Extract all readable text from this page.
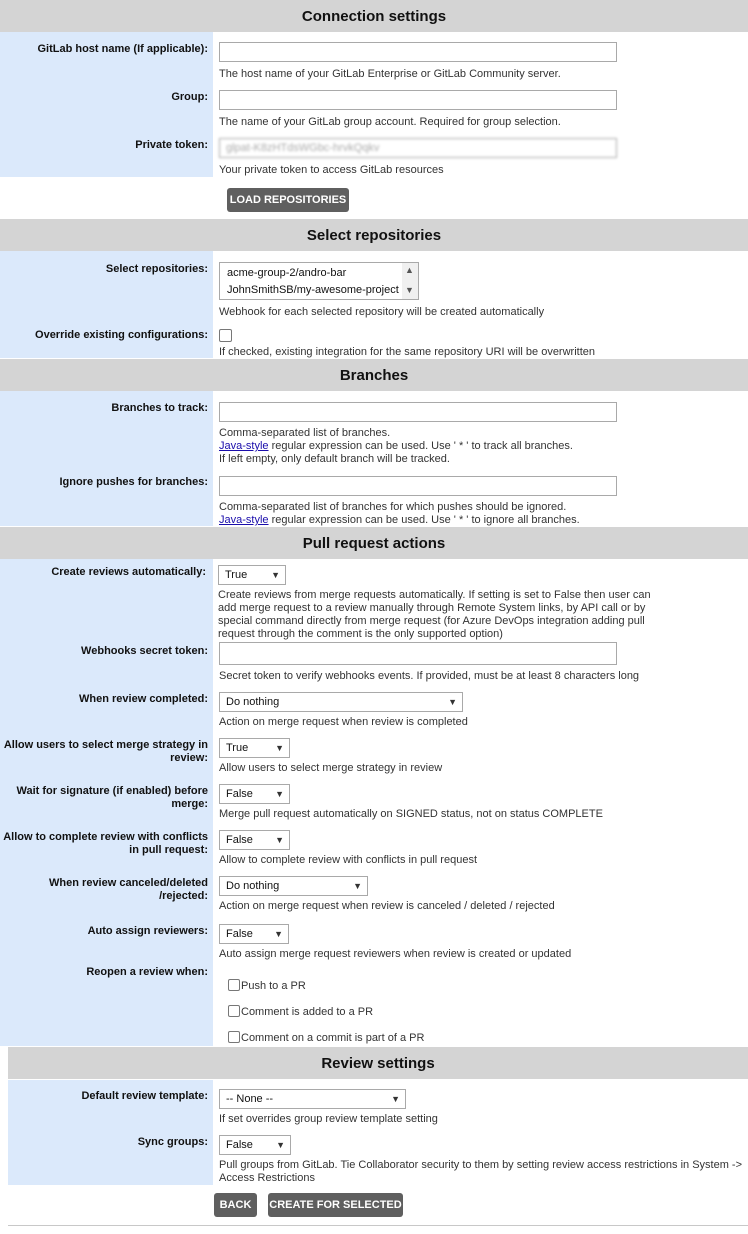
Connection settings
GitLab host name (If applicable):
The host name of your GitLab Enterprise or GitLab Community server.
Group:
The name of your GitLab group account. Required for group selection.
Private token:
glpat-K8zHTdsWGbc-hrvkQqkv
Your private token to access GitLab resources
LOAD REPOSITORIES
Select repositories
Select repositories: acme-group-2/andro-bar
JohnSmithSB/my-awesome-project
▲
▼
Webhook for each selected repository will be created automatically
Override existing configurations:
If checked, existing integration for the same repository URI will be overwritten
Branches
Branches to track:
Comma-separated list of branches.
Java-style regular expression can be used. Use ' * ' to track all branches.
If left empty, only default branch will be tracked.
Ignore pushes for branches:
Comma-separated list of branches for which pushes should be ignored.
Java-style regular expression can be used. Use ' * ' to ignore all branches.
Pull request actions
Create reviews automatically:	True	▼
Create reviews from merge requests automatically. If setting is set to False then user can add merge request to a review manually through Remote System links, by API call or by special command directly from merge request (for Azure DevOps integration adding pull request through the comment is the only supported option)
Webhooks secret token:
Secret token to verify webhooks events. If provided, must be at least 8 characters long
When review completed:	Do nothing	▼
Action on merge request when review is completed
Allow users to select merge strategy in review:
True	▼
Allow users to select merge strategy in review
Wait for signature (if enabled) before merge:
False ▼
Merge pull request automatically on SIGNED status, not on status COMPLETE
Allow to complete review with conflicts in pull request:
False ▼
Allow to complete review with conflicts in pull request
When review canceled/deleted /rejected:
Do nothing	▼
Action on merge request when review is canceled / deleted / rejected
Auto assign reviewers:	False ▼
Auto assign merge request reviewers when review is created or updated
Reopen a review when:
Push to a PR
Comment is added to a PR
Comment on a commit is part of a PR
Review settings
Default review template:	-- None --	▼
If set overrides group review template setting
Sync groups:	False	▼
Pull groups from GitLab. Tie Collaborator security to them by setting review access restrictions in System -> Access Restrictions
BACK	CREATE FOR SELECTED
